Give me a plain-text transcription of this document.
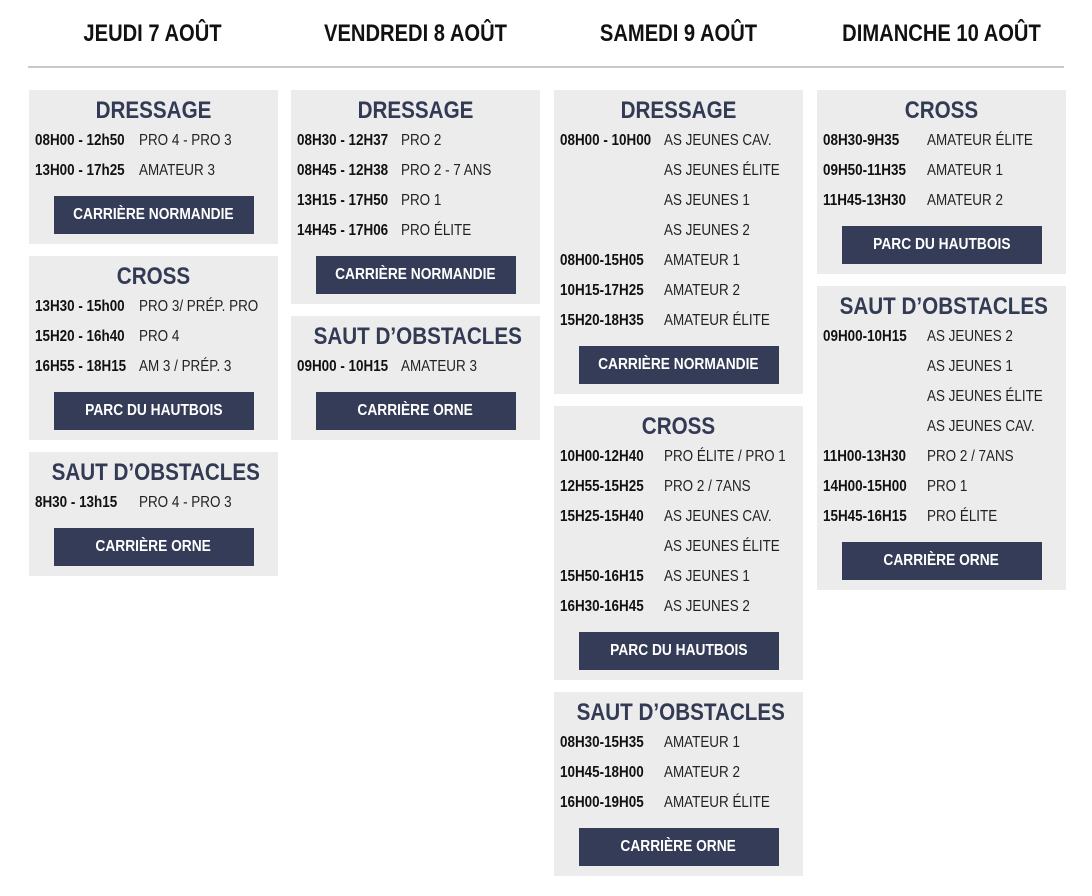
JEUDI 7 AOÛT	VENDREDI 8 AOÛT	SAMEDI 9 AOÛT	DIMANCHE 10 AOÛT
DRESSAGE
08H00 - 12h50 PRO 4 - PRO 3
13H00 - 17h25 AMATEUR 3
CARRIÈRE NORMANDIE
CROSS
13H30 - 15h00 PRO 3/ PRÉP. PRO
15H20 - 16h40 PRO 4
16H55 - 18H15 AM 3 / PRÉP. 3
PARC DU HAUTBOIS
SAUT D’OBSTACLES
8H30 - 13h15	PRO 4 - PRO 3
CARRIÈRE ORNE
DRESSAGE
08H30 - 12H37 PRO 2
08H45 - 12H38 PRO 2 - 7 ANS
13H15 - 17H50 PRO 1
14H45 - 17H06 PRO ÉLITE
CARRIÈRE NORMANDIE
SAUT D’OBSTACLES
09H00 - 10H15 AMATEUR 3
CARRIÈRE ORNE
DRESSAGE
08H00 - 10H00 AS JEUNES CAV.
AS JEUNES ÉLITE
AS JEUNES 1
AS JEUNES 2
08H00-15H05	AMATEUR 1
10H15-17H25	AMATEUR 2
15H20-18H35	AMATEUR ÉLITE
CARRIÈRE NORMANDIE
CROSS
10H00-12H40	PRO ÉLITE / PRO 1
12H55-15H25	PRO 2 / 7ANS
15H25-15H40	AS JEUNES CAV.
AS JEUNES ÉLITE
15H50-16H15	AS JEUNES 1
16H30-16H45	AS JEUNES 2
PARC DU HAUTBOIS
SAUT D’OBSTACLES
08H30-15H35	AMATEUR 1
10H45-18H00	AMATEUR 2
16H00-19H05	AMATEUR ÉLITE
CARRIÈRE ORNE
CROSS
08H30-9H35	AMATEUR ÉLITE
09H50-11H35	AMATEUR 1
11H45-13H30	AMATEUR 2
PARC DU HAUTBOIS
SAUT D’OBSTACLES
09H00-10H15	AS JEUNES 2
AS JEUNES 1
AS JEUNES ÉLITE
AS JEUNES CAV.
11H00-13H30	PRO 2 / 7ANS
14H00-15H00	PRO 1
15H45-16H15	PRO ÉLITE
CARRIÈRE ORNE
